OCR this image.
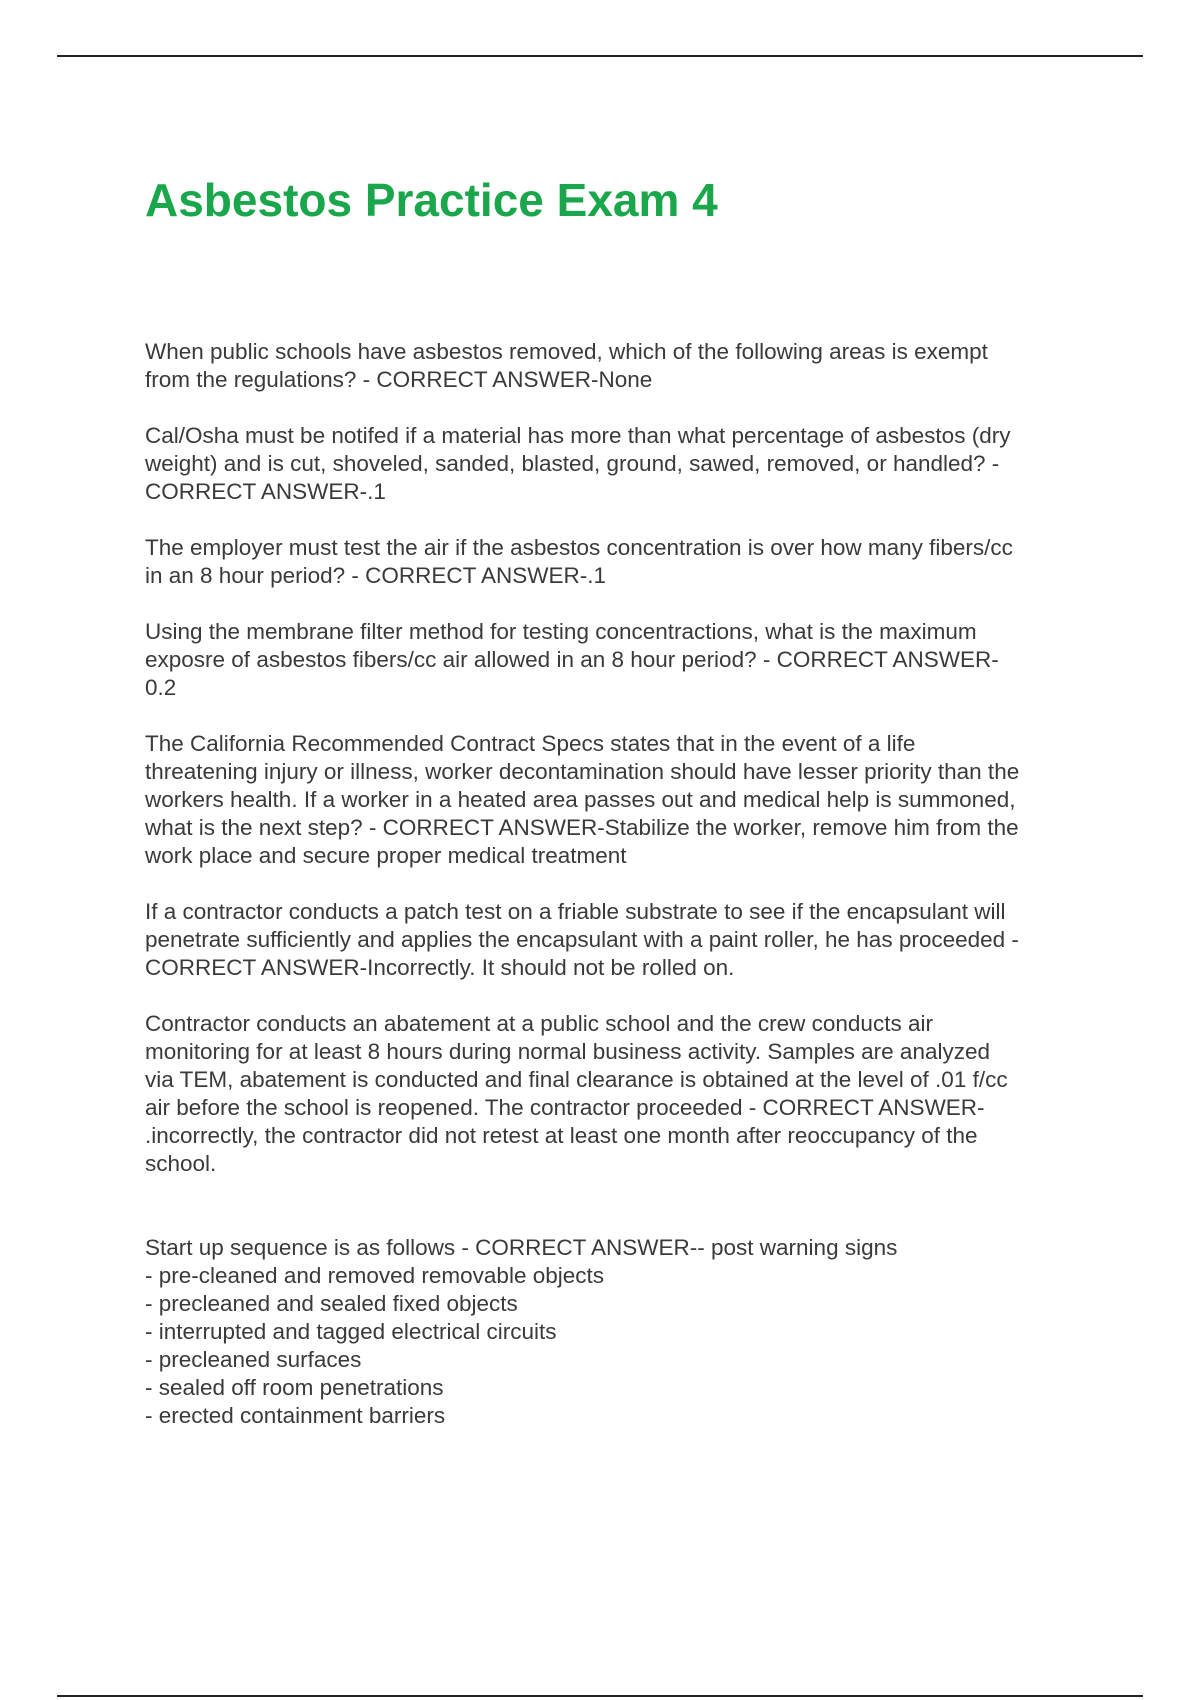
Asbestos Practice Exam 4

When public schools have asbestos removed, which of the following areas is exempt
from the regulations? - CORRECT ANSWER-None

Cal/Osha must be notifed if a material has more than what percentage of asbestos (dry
weight) and is cut, shoveled, sanded, blasted, ground, sawed, removed, or handled? -
CORRECT ANSWER-.1

The employer must test the air if the asbestos concentration is over how many fibers/cc
in an 8 hour period? - CORRECT ANSWER-.1

Using the membrane filter method for testing concentractions, what is the maximum
exposre of asbestos fibers/cc air allowed in an 8 hour period? - CORRECT ANSWER-
0.2

The California Recommended Contract Specs states that in the event of a life
threatening injury or illness, worker decontamination should have lesser priority than the
workers health. If a worker in a heated area passes out and medical help is summoned,
what is the next step? - CORRECT ANSWER-Stabilize the worker, remove him from the
work place and secure proper medical treatment

If a contractor conducts a patch test on a friable substrate to see if the encapsulant will
penetrate sufficiently and applies the encapsulant with a paint roller, he has proceeded -
CORRECT ANSWER-Incorrectly. It should not be rolled on.

Contractor conducts an abatement at a public school and the crew conducts air
monitoring for at least 8 hours during normal business activity. Samples are analyzed
via TEM, abatement is conducted and final clearance is obtained at the level of .01 f/cc
air before the school is reopened. The contractor proceeded - CORRECT ANSWER-
.incorrectly, the contractor did not retest at least one month after reoccupancy of the
school.

Start up sequence is as follows - CORRECT ANSWER-- post warning signs
- pre-cleaned and removed removable objects
- precleaned and sealed fixed objects
- interrupted and tagged electrical circuits
- precleaned surfaces
- sealed off room penetrations
- erected containment barriers
